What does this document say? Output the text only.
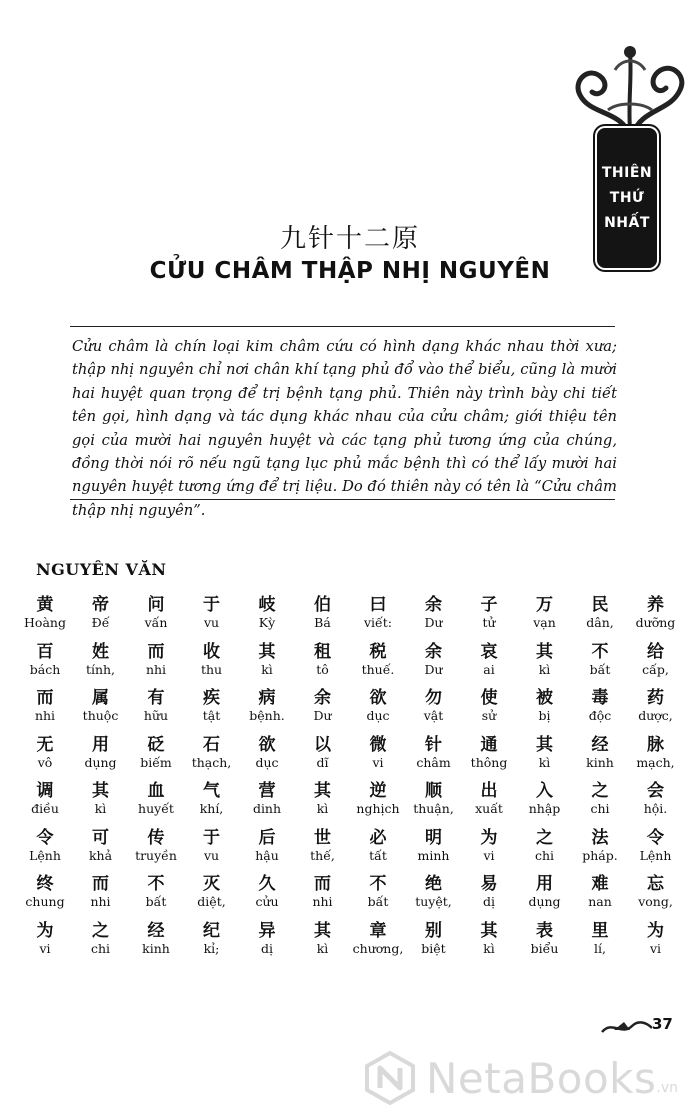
THIÊN
THỨ
NHẤT
九针十二原
CỬU CHÂM THẬP NHỊ NGUYÊN
Cửu châm là chín loại kim châm cứu có hình dạng khác nhau thời xưa; thập nhị nguyên chỉ nơi chân khí tạng phủ đổ vào thể biểu, cũng là mười hai huyệt quan trọng để trị bệnh tạng phủ. Thiên này trình bày chi tiết tên gọi, hình dạng và tác dụng khác nhau của cửu châm; giới thiệu tên gọi của mười hai nguyên huyệt và các tạng phủ tương ứng của chúng, đồng thời nói rõ nếu ngũ tạng lục phủ mắc bệnh thì có thể lấy mười hai nguyên huyệt tương ứng để trị liệu. Do đó thiên này có tên là “Cửu châm thập nhị nguyên”.
NGUYÊN VĂN
黄
Hoàng
帝
Đế
问
vấn
于
vu
岐
Kỳ
伯
Bá
曰
viết:
余
Dư
子
tử
万
vạn
民
dân,
养
dưỡng
百
bách
姓
tính,
而
nhi
收
thu
其
kì
租
tô
税
thuế.
余
Dư
哀
ai
其
kì
不
bất
给
cấp,
而
nhi
属
thuộc
有
hữu
疾
tật
病
bệnh.
余
Dư
欲
dục
勿
vật
使
sử
被
bị
毒
độc
药
dược,
无
vô
用
dụng
砭
biếm
石
thạch,
欲
dục
以
dĩ
微
vi
针
châm
通
thông
其
kì
经
kinh
脉
mạch,
调
điều
其
kì
血
huyết
气
khí,
营
dinh
其
kì
逆
nghịch
顺
thuận,
出
xuất
入
nhập
之
chi
会
hội.
令
Lệnh
可
khả
传
truyền
于
vu
后
hậu
世
thế,
必
tất
明
minh
为
vi
之
chi
法
pháp.
令
Lệnh
终
chung
而
nhi
不
bất
灭
diệt,
久
cửu
而
nhi
不
bất
绝
tuyệt,
易
dị
用
dụng
难
nan
忘
vong,
为
vi
之
chi
经
kinh
纪
kỉ;
异
dị
其
kì
章
chương,
别
biệt
其
kì
表
biểu
里
lí,
为
vi
37
NetaBooks .vn
